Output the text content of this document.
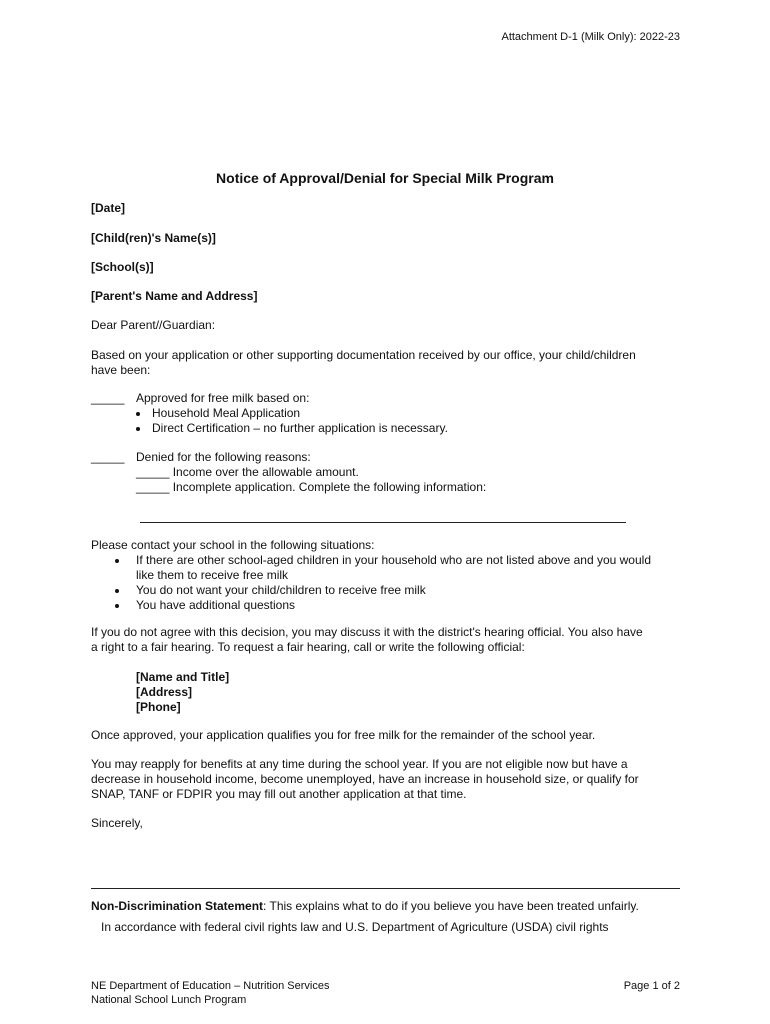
Attachment D-1 (Milk Only): 2022-23
Notice of Approval/Denial for Special Milk Program
[Date]
[Child(ren)'s Name(s)]
[School(s)]
[Parent's Name and Address]
Dear Parent//Guardian:
Based on your application or other supporting documentation received by our office, your child/children
have been:
_____ Approved for free milk based on:
Household Meal Application
Direct Certification – no further application is necessary.
_____ Denied for the following reasons:
_____ Income over the allowable amount.
_____ Incomplete application. Complete the following information:
Please contact your school in the following situations:
If there are other school-aged children in your household who are not listed above and you would
like them to receive free milk
You do not want your child/children to receive free milk
You have additional questions
If you do not agree with this decision, you may discuss it with the district's hearing official. You also have
a right to a fair hearing. To request a fair hearing, call or write the following official:
[Name and Title]
[Address]
[Phone]
Once approved, your application qualifies you for free milk for the remainder of the school year.
You may reapply for benefits at any time during the school year. If you are not eligible now but have a
decrease in household income, become unemployed, have an increase in household size, or qualify for
SNAP, TANF or FDPIR you may fill out another application at that time.
Sincerely,
Non-Discrimination Statement: This explains what to do if you believe you have been treated unfairly.
In accordance with federal civil rights law and U.S. Department of Agriculture (USDA) civil rights
NE Department of Education – Nutrition Services
National School Lunch Program
Page 1 of 2
